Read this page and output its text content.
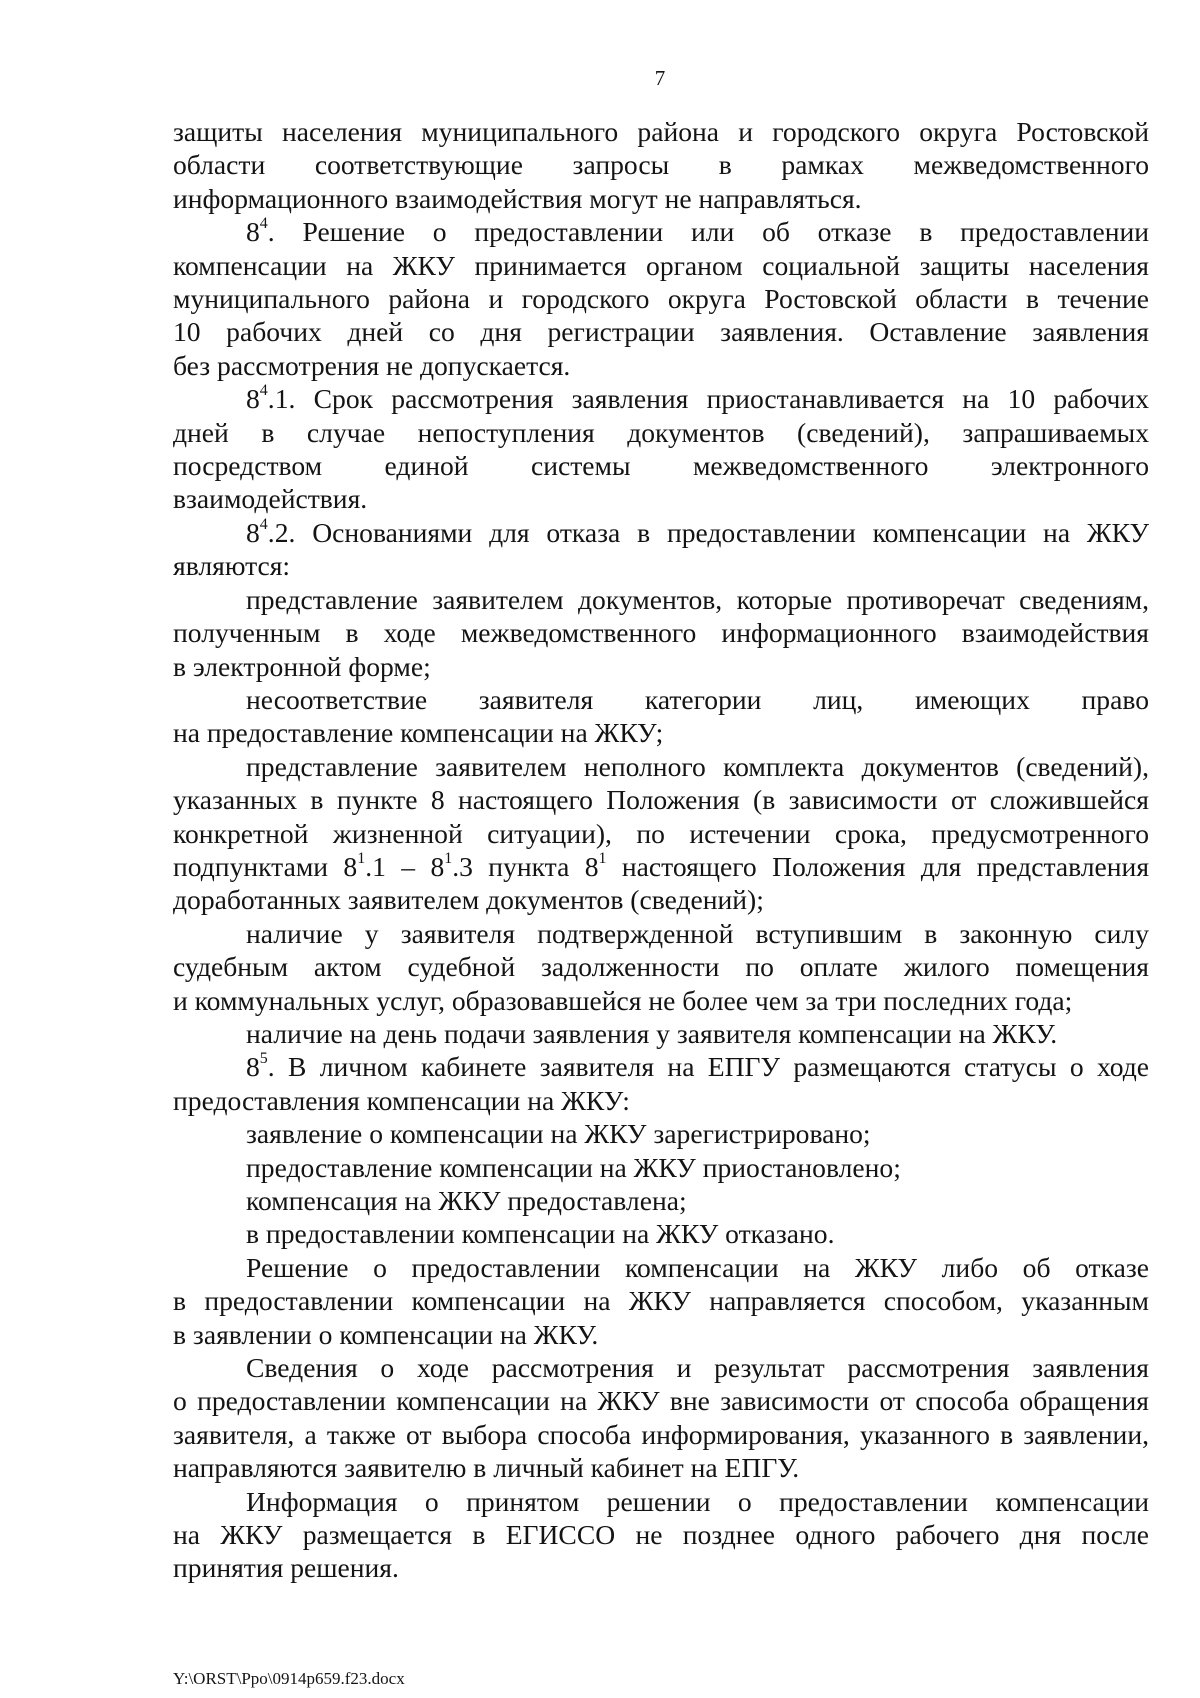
7
защиты населения муниципального района и городского округа Ростовской
области соответствующие запросы в рамках межведомственного
информационного взаимодействия могут не направляться.
$8^4$. Решение о предоставлении или об отказе в предоставлении
компенсации на ЖКУ принимается органом социальной защиты населения
муниципального района и городского округа Ростовской области в течение
10 рабочих дней со дня регистрации заявления. Оставление заявления
без рассмотрения не допускается.
$8^4.1$. Срок рассмотрения заявления приостанавливается на 10 рабочих
дней в случае непоступления документов (сведений), запрашиваемых
посредством единой системы межведомственного электронного
взаимодействия.
$8^4.2$. Основаниями для отказа в предоставлении компенсации на ЖКУ
являются:
представление заявителем документов, которые противоречат сведениям,
полученным в ходе межведомственного информационного взаимодействия
в электронной форме;
несоответствие заявителя категории лиц, имеющих право
на предоставление компенсации на ЖКУ;
представление заявителем неполного комплекта документов (сведений),
указанных в пункте 8 настоящего Положения (в зависимости от сложившейся
конкретной жизненной ситуации), по истечении срока, предусмотренного
подпунктами $8^1.1 - 8^1.3$ пункта $8^1$ настоящего Положения для представления
доработанных заявителем документов (сведений);
наличие у заявителя подтвержденной вступившим в законную силу
судебным актом судебной задолженности по оплате жилого помещения
и коммунальных услуг, образовавшейся не более чем за три последних года;
наличие на день подачи заявления у заявителя компенсации на ЖКУ.
$8^5$. В личном кабинете заявителя на ЕПГУ размещаются статусы о ходе
предоставления компенсации на ЖКУ:
заявление о компенсации на ЖКУ зарегистрировано;
предоставление компенсации на ЖКУ приостановлено;
компенсация на ЖКУ предоставлена;
в предоставлении компенсации на ЖКУ отказано.
Решение о предоставлении компенсации на ЖКУ либо об отказе
в предоставлении компенсации на ЖКУ направляется способом, указанным
в заявлении о компенсации на ЖКУ.
Сведения о ходе рассмотрения и результат рассмотрения заявления
о предоставлении компенсации на ЖКУ вне зависимости от способа обращения
заявителя, а также от выбора способа информирования, указанного в заявлении,
направляются заявителю в личный кабинет на ЕПГУ.
Информация о принятом решении о предоставлении компенсации
на ЖКУ размещается в ЕГИССО не позднее одного рабочего дня после
принятия решения.
Y:\ORST\Ppo\0914p659.f23.docx
